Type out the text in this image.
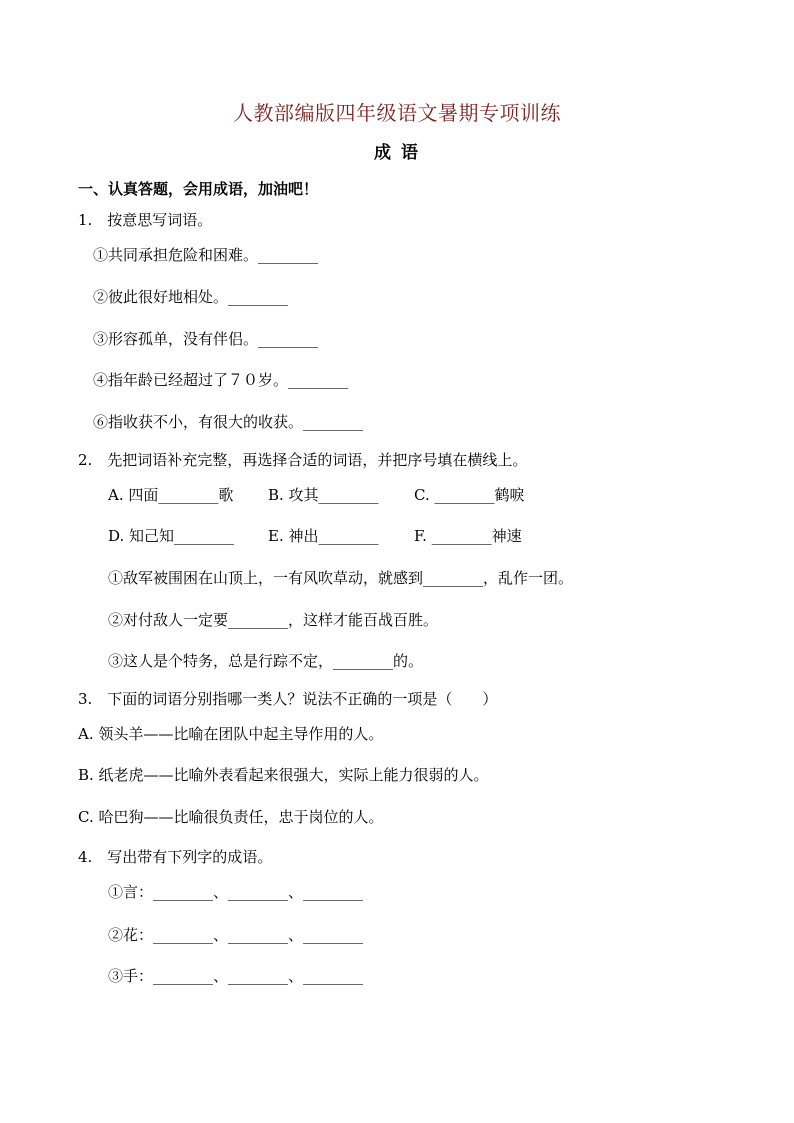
人教部编版四年级语文暑期专项训练
成 语
一、认真答题，会用成语，加油吧！
1.　按意思写词语。
①共同承担危险和困难。________
②彼此很好地相处。________
③形容孤单，没有伴侣。________
④指年龄已经超过了７０岁。________
⑥指收获不小，有很大的收获。________
2.　先把词语补充完整，再选择合适的词语，并把序号填在横线上。
A. 四面________歌 B. 攻其________ C. ________鹤唳
D. 知己知________ E. 神出________ F. ________神速
①敌军被围困在山顶上，一有风吹草动，就感到________，乱作一团。
②对付敌人一定要________，这样才能百战百胜。
③这人是个特务，总是行踪不定，________的。
3.　下面的词语分别指哪一类人？说法不正确的一项是（　　）
A. 领头羊——比喻在团队中起主导作用的人。
B. 纸老虎——比喻外表看起来很强大，实际上能力很弱的人。
C. 哈巴狗——比喻很负责任，忠于岗位的人。
4.　写出带有下列字的成语。
①言：________、________、________
②花：________、________、________
③手：________、________、________
